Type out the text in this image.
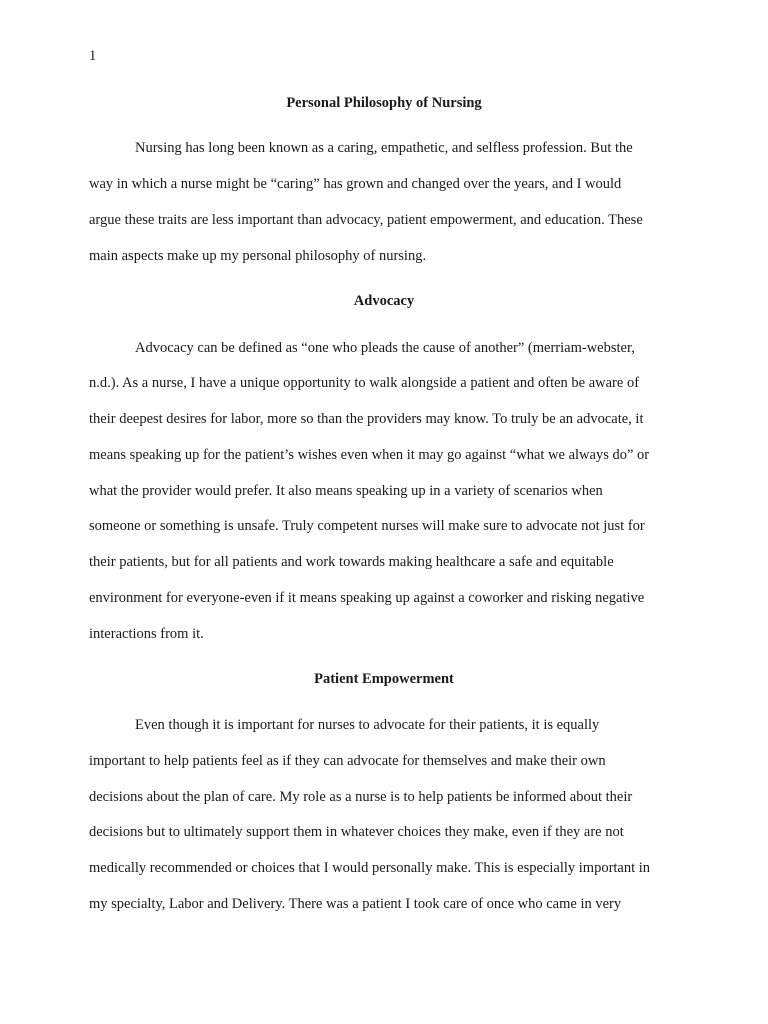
1
Personal Philosophy of Nursing
Nursing has long been known as a caring, empathetic, and selfless profession. But the
way in which a nurse might be “caring” has grown and changed over the years, and I would
argue these traits are less important than advocacy, patient empowerment, and education. These
main aspects make up my personal philosophy of nursing.
Advocacy
Advocacy can be defined as “one who pleads the cause of another” (merriam-webster,
n.d.). As a nurse, I have a unique opportunity to walk alongside a patient and often be aware of
their deepest desires for labor, more so than the providers may know. To truly be an advocate, it
means speaking up for the patient’s wishes even when it may go against “what we always do” or
what the provider would prefer. It also means speaking up in a variety of scenarios when
someone or something is unsafe. Truly competent nurses will make sure to advocate not just for
their patients, but for all patients and work towards making healthcare a safe and equitable
environment for everyone-even if it means speaking up against a coworker and risking negative
interactions from it.
Patient Empowerment
Even though it is important for nurses to advocate for their patients, it is equally
important to help patients feel as if they can advocate for themselves and make their own
decisions about the plan of care. My role as a nurse is to help patients be informed about their
decisions but to ultimately support them in whatever choices they make, even if they are not
medically recommended or choices that I would personally make. This is especially important in
my specialty, Labor and Delivery. There was a patient I took care of once who came in very
